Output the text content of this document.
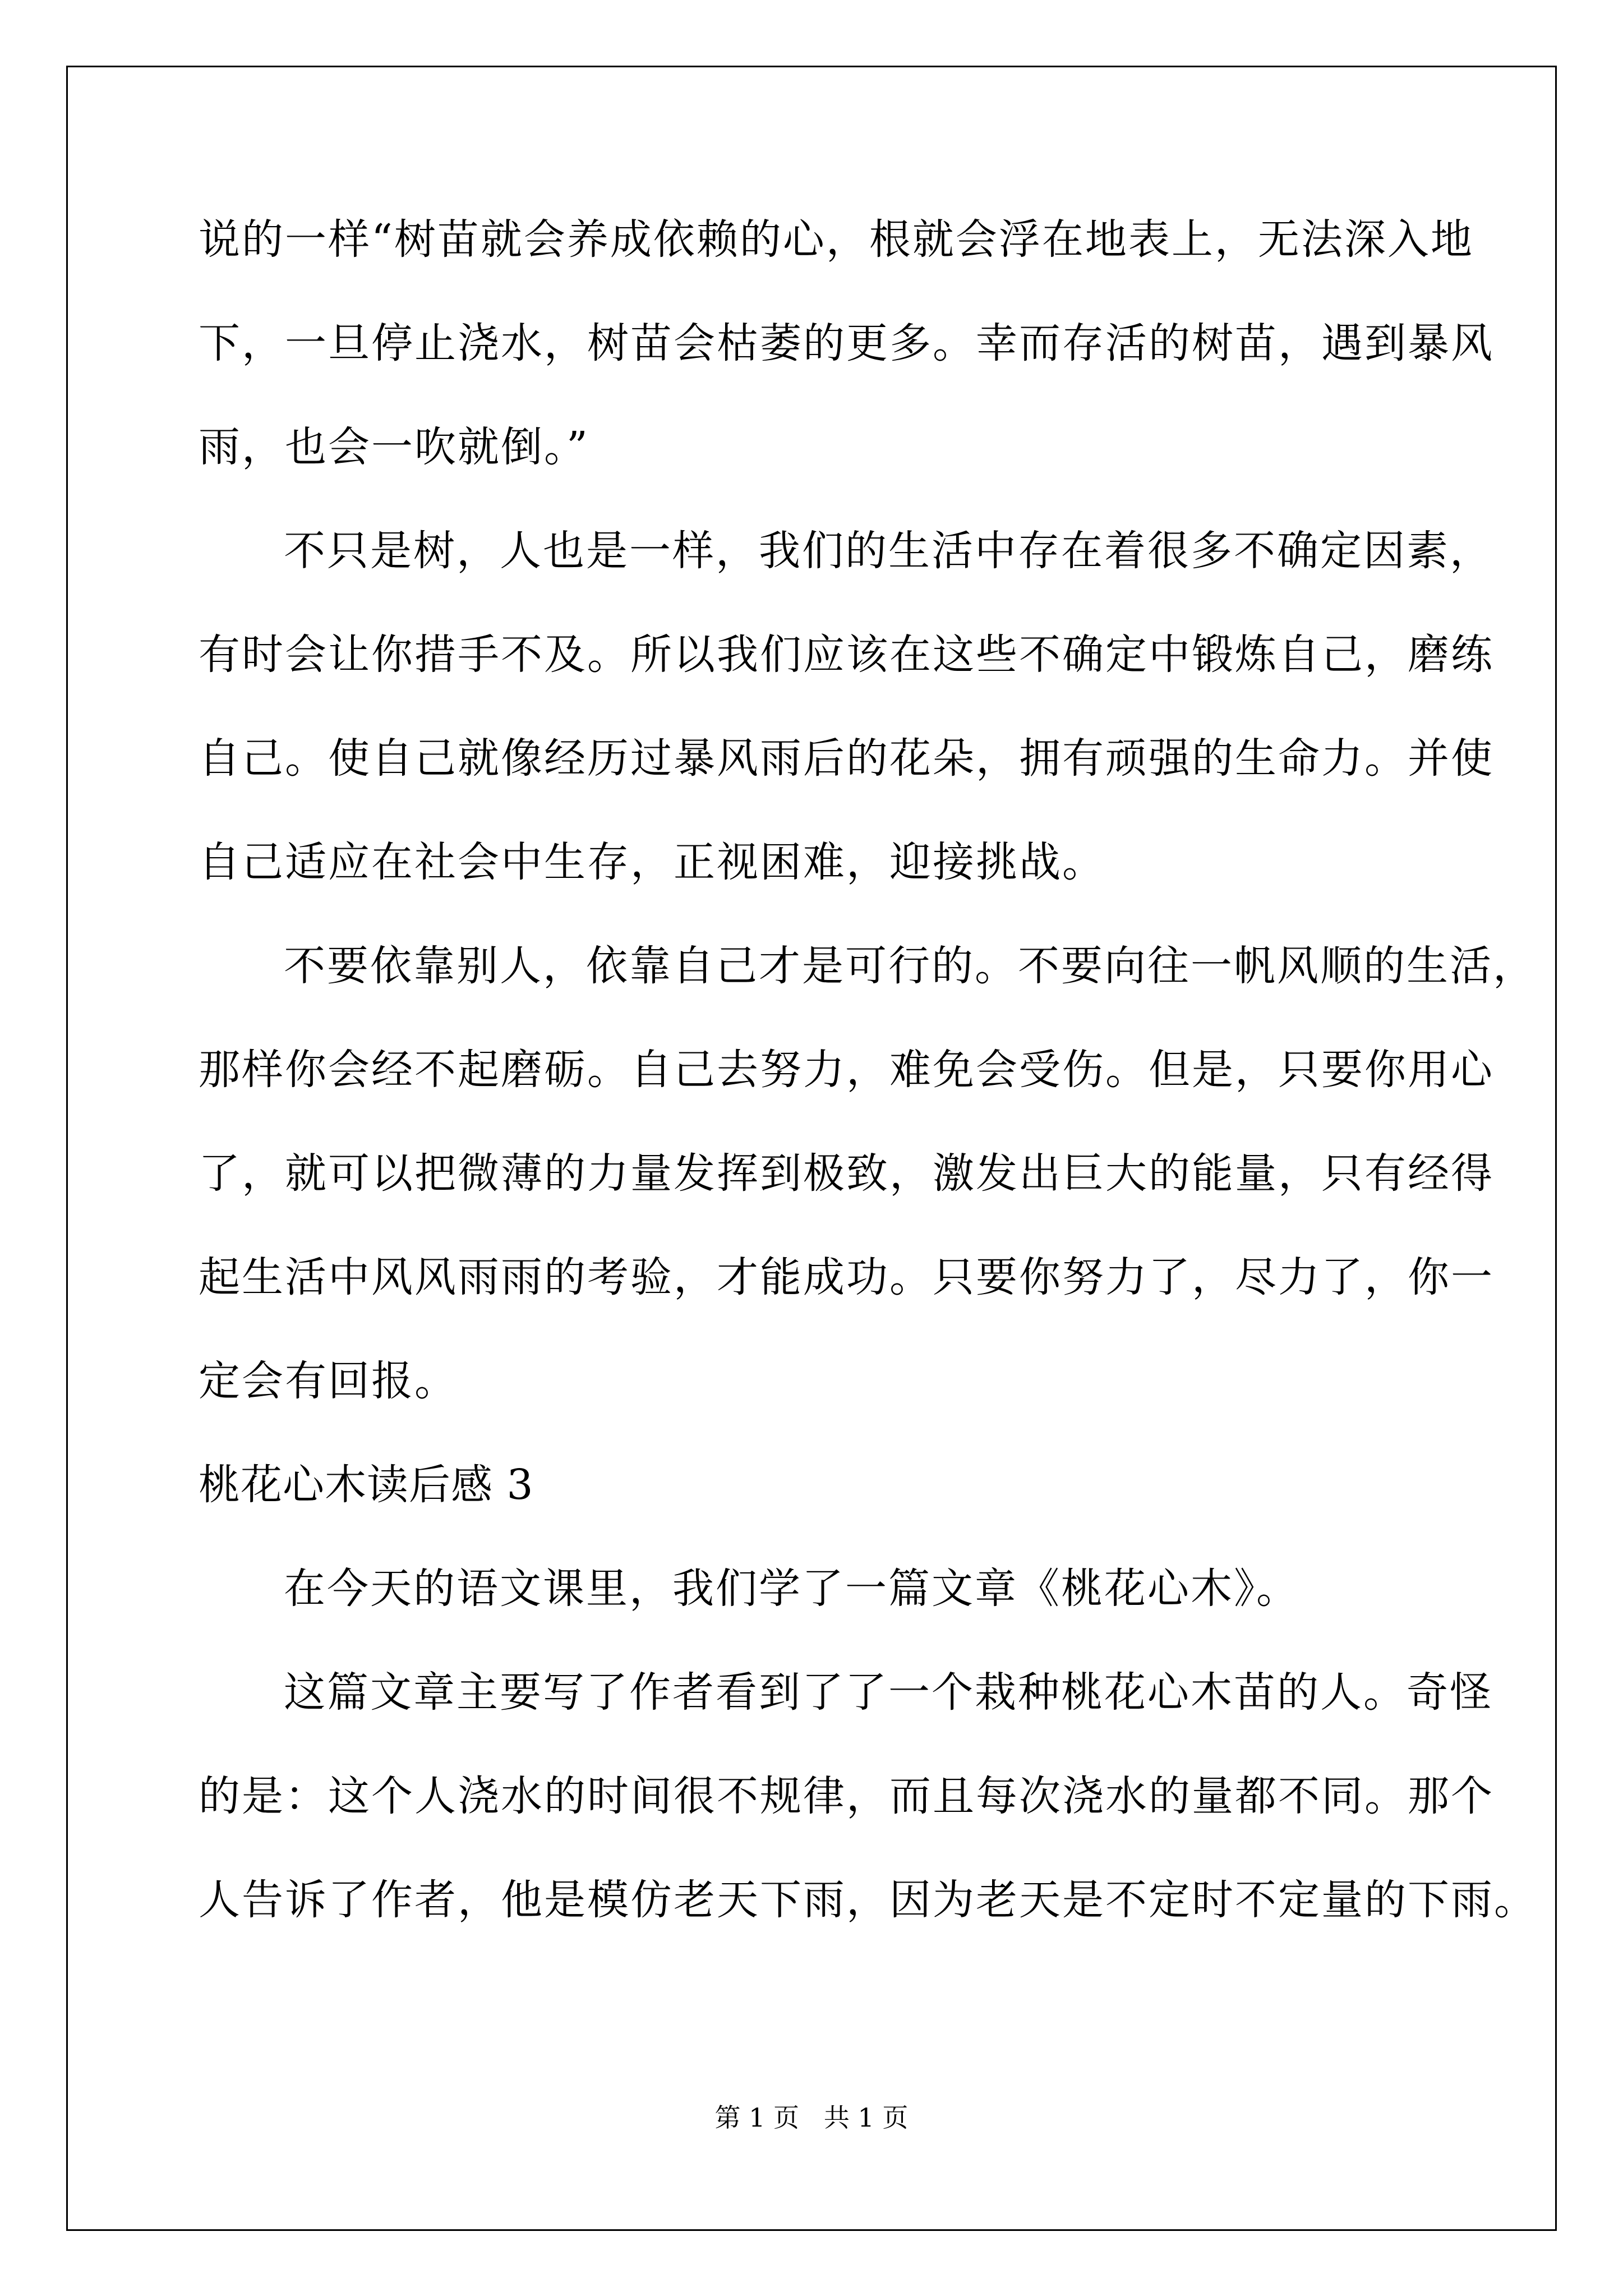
说的一样“树苗就会养成依赖的心，根就会浮在地表上，无法深入地
下，一旦停止浇水，树苗会枯萎的更多。幸而存活的树苗，遇到暴风
雨，也会一吹就倒。”
不只是树，人也是一样，我们的生活中存在着很多不确定因素，
有时会让你措手不及。所以我们应该在这些不确定中锻炼自己，磨练
自己。使自己就像经历过暴风雨后的花朵，拥有顽强的生命力。并使
自己适应在社会中生存，正视困难，迎接挑战。
不要依靠别人，依靠自己才是可行的。不要向往一帆风顺的生活，
那样你会经不起磨砺。自己去努力，难免会受伤。但是，只要你用心
了，就可以把微薄的力量发挥到极致，激发出巨大的能量，只有经得
起生活中风风雨雨的考验，才能成功。只要你努力了，尽力了，你一
定会有回报。
桃花心木读后感 3
在今天的语文课里，我们学了一篇文章《桃花心木》。
这篇文章主要写了作者看到了了一个栽种桃花心木苗的人。奇怪
的是：这个人浇水的时间很不规律，而且每次浇水的量都不同。那个
人告诉了作者，他是模仿老天下雨，因为老天是不定时不定量的下雨。
第 1 页   共 1 页
